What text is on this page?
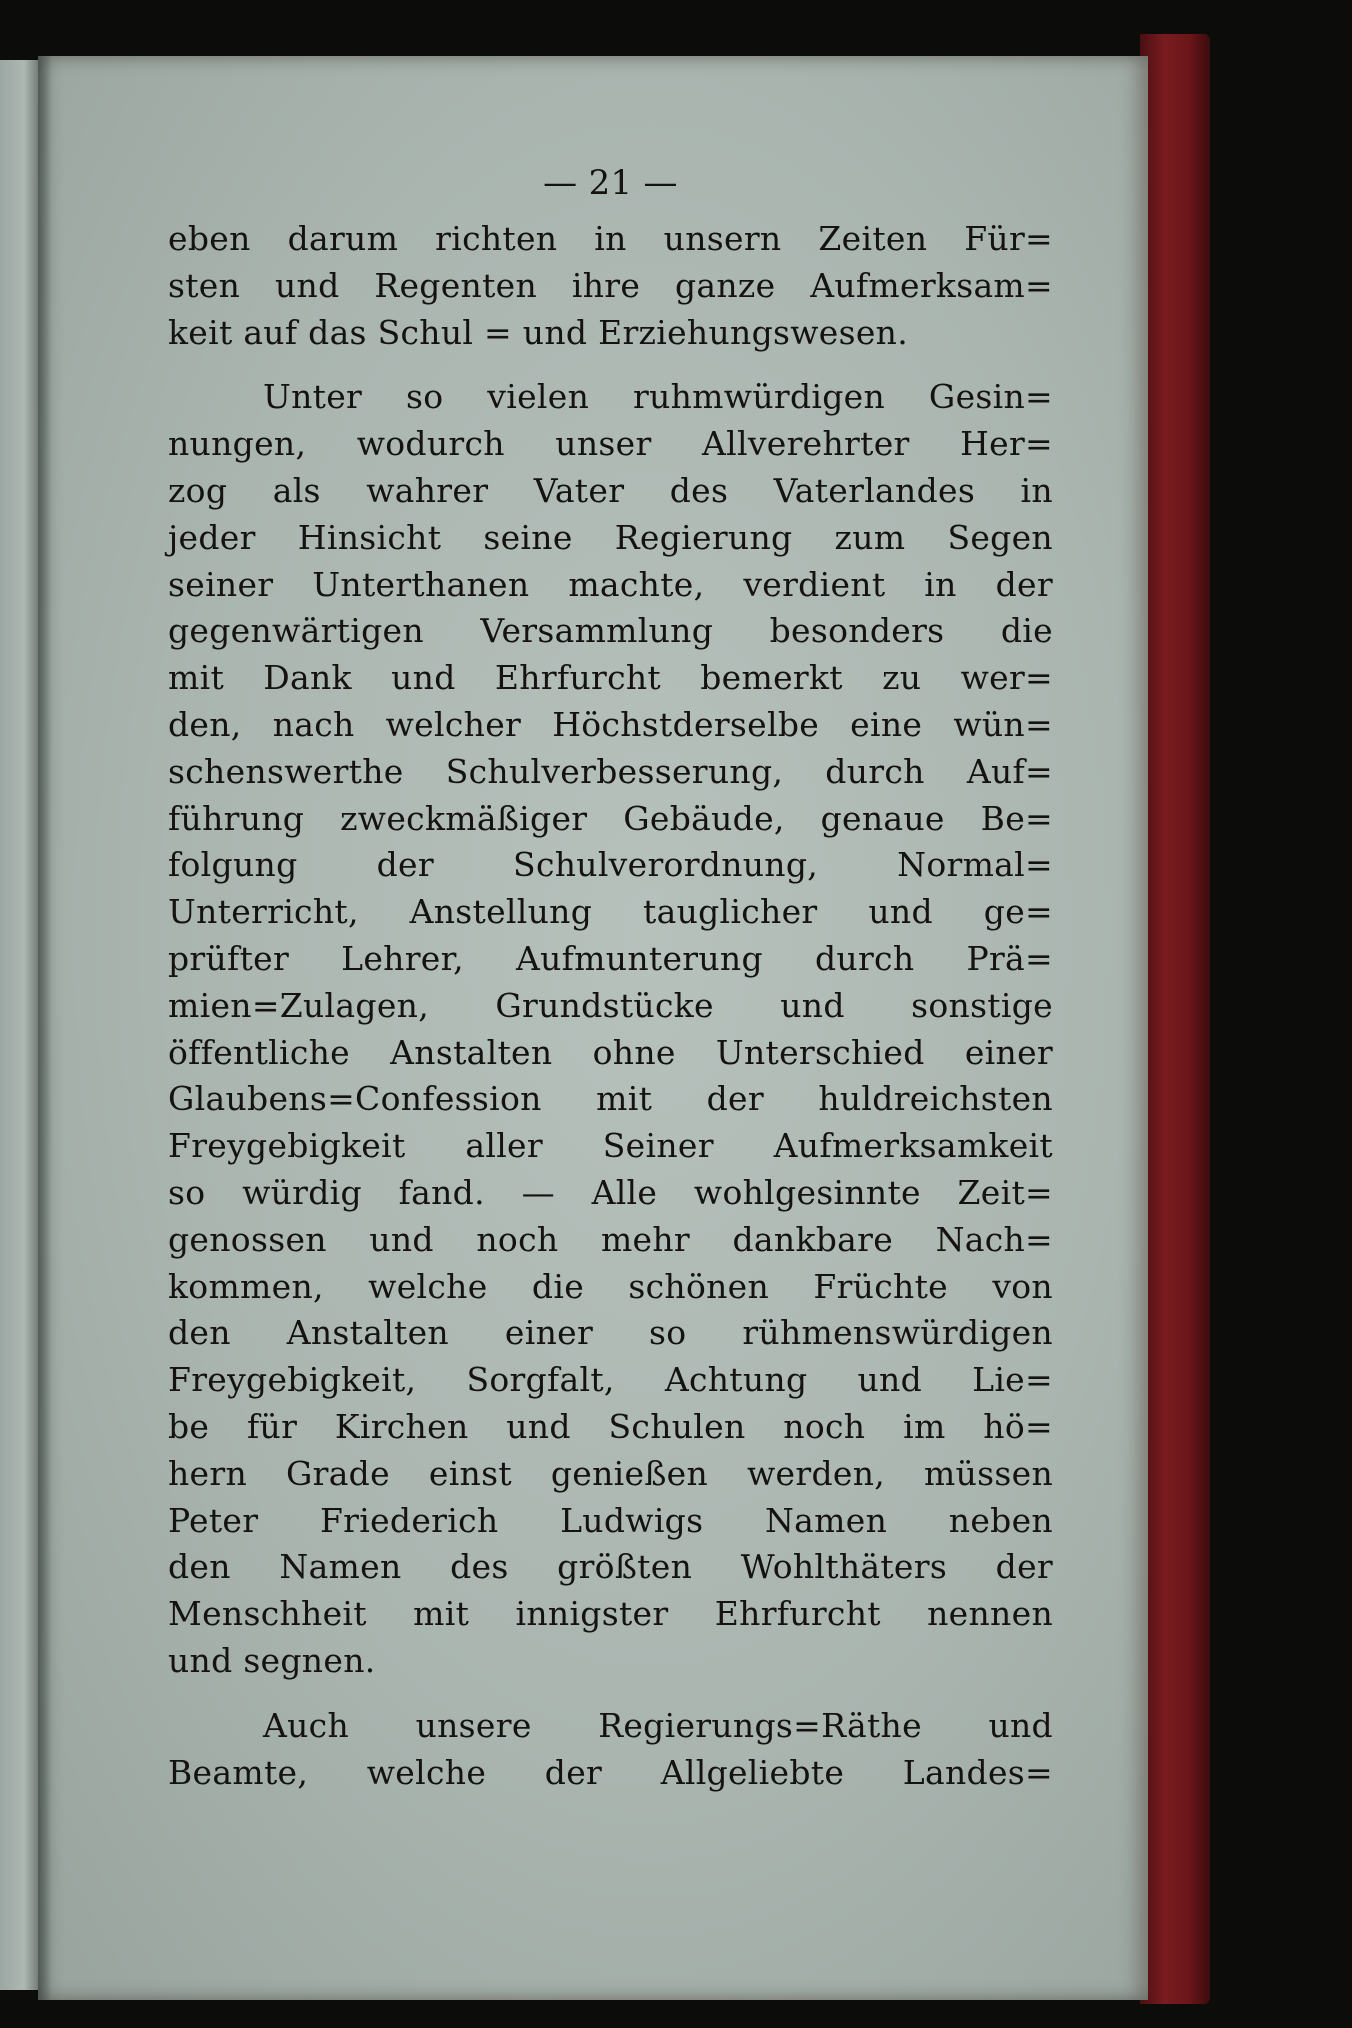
— 21 —
eben darum richten in unsern Zeiten Für=
sten und Regenten ihre ganze Aufmerksam=
keit auf das Schul = und Erziehungswesen.
Unter so vielen ruhmwürdigen Gesin=
nungen, wodurch unser Allverehrter Her=
zog als wahrer Vater des Vaterlandes in
jeder Hinsicht seine Regierung zum Segen
seiner Unterthanen machte, verdient in der
gegenwärtigen Versammlung besonders die
mit Dank und Ehrfurcht bemerkt zu wer=
den, nach welcher Höchstderselbe eine wün=
schenswerthe Schulverbesserung, durch Auf=
führung zweckmäßiger Gebäude, genaue Be=
folgung der Schulverordnung, Normal=
Unterricht, Anstellung tauglicher und ge=
prüfter Lehrer, Aufmunterung durch Prä=
mien=Zulagen, Grundstücke und sonstige
öffentliche Anstalten ohne Unterschied einer
Glaubens=Confession mit der huldreichsten
Freygebigkeit aller Seiner Aufmerksamkeit
so würdig fand. — Alle wohlgesinnte Zeit=
genossen und noch mehr dankbare Nach=
kommen, welche die schönen Früchte von
den Anstalten einer so rühmenswürdigen
Freygebigkeit, Sorgfalt, Achtung und Lie=
be für Kirchen und Schulen noch im hö=
hern Grade einst genießen werden, müssen
Peter Friederich Ludwigs Namen neben
den Namen des größten Wohlthäters der
Menschheit mit innigster Ehrfurcht nennen
und segnen.
Auch unsere Regierungs=Räthe und
Beamte, welche der Allgeliebte Landes=
